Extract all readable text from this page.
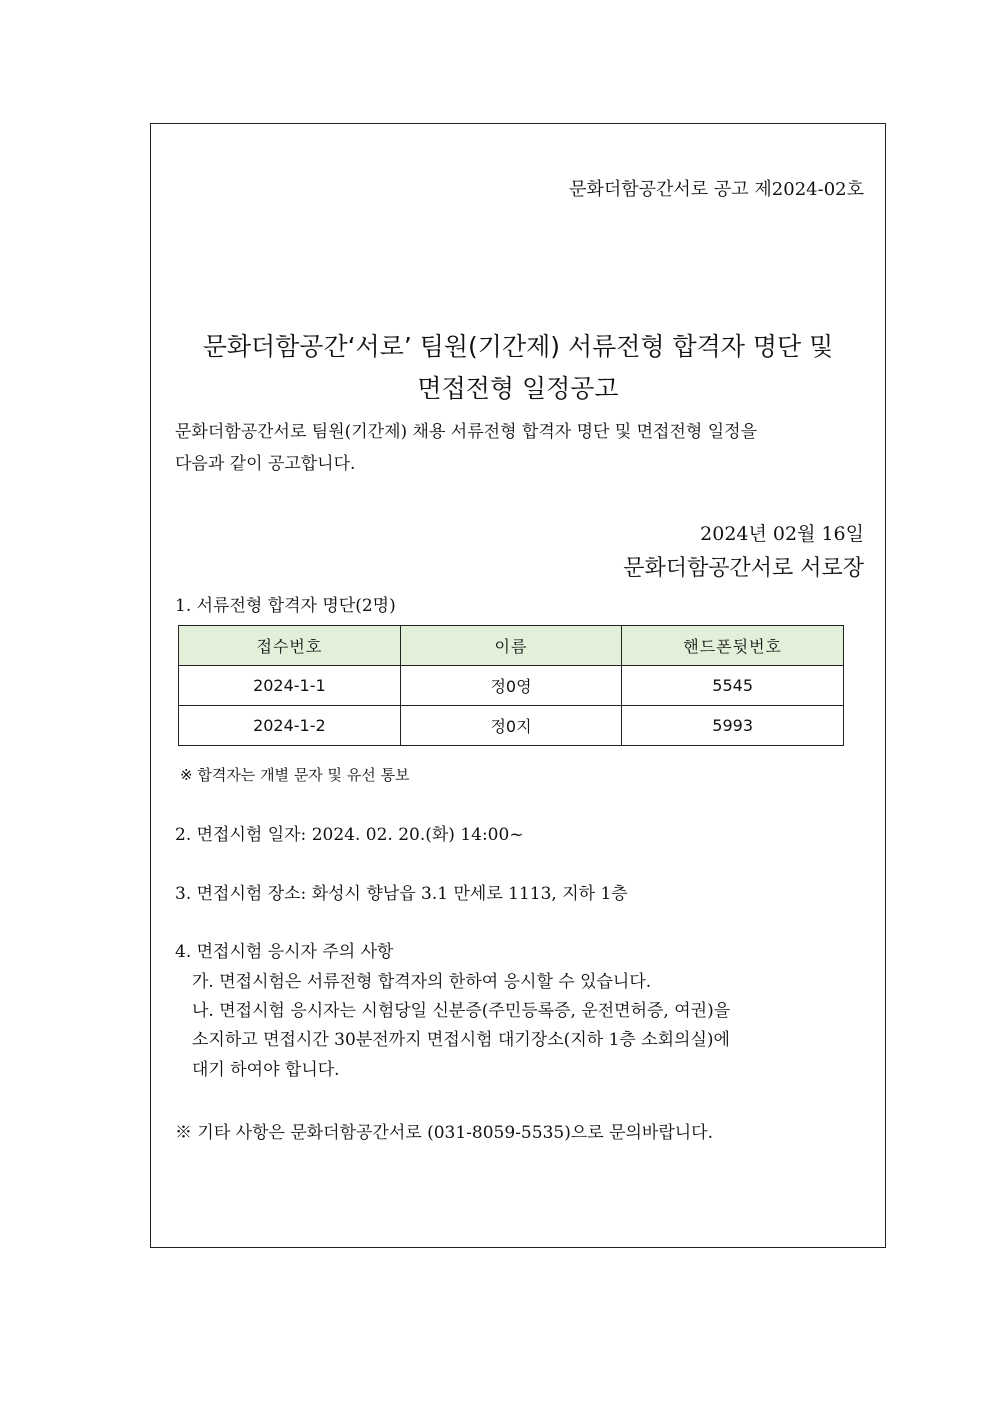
문화더함공간서로 공고 제2024-02호
문화더함공간‘서로’ 팀원(기간제) 서류전형 합격자 명단 및
면접전형 일정공고
문화더함공간서로 팀원(기간제) 채용 서류전형 합격자 명단 및 면접전형 일정을
다음과 같이 공고합니다.
2024년 02월 16일
문화더함공간서로 서로장
1. 서류전형 합격자 명단(2명)
접수번호	이름	핸드폰뒷번호
2024-1-1	정0영	5545
2024-1-2	정0지	5993
※ 합격자는 개별 문자 및 유선 통보
2. 면접시험 일자: 2024. 02. 20.(화) 14:00~
3. 면접시험 장소: 화성시 향남읍 3.1 만세로 1113, 지하 1층
4. 면접시험 응시자 주의 사항
가. 면접시험은 서류전형 합격자의 한하여 응시할 수 있습니다.
나. 면접시험 응시자는 시험당일 신분증(주민등록증, 운전면허증, 여권)을
소지하고 면접시간 30분전까지 면접시험 대기장소(지하 1층 소회의실)에
대기 하여야 합니다.
※ 기타 사항은 문화더함공간서로 (031-8059-5535)으로 문의바랍니다.
